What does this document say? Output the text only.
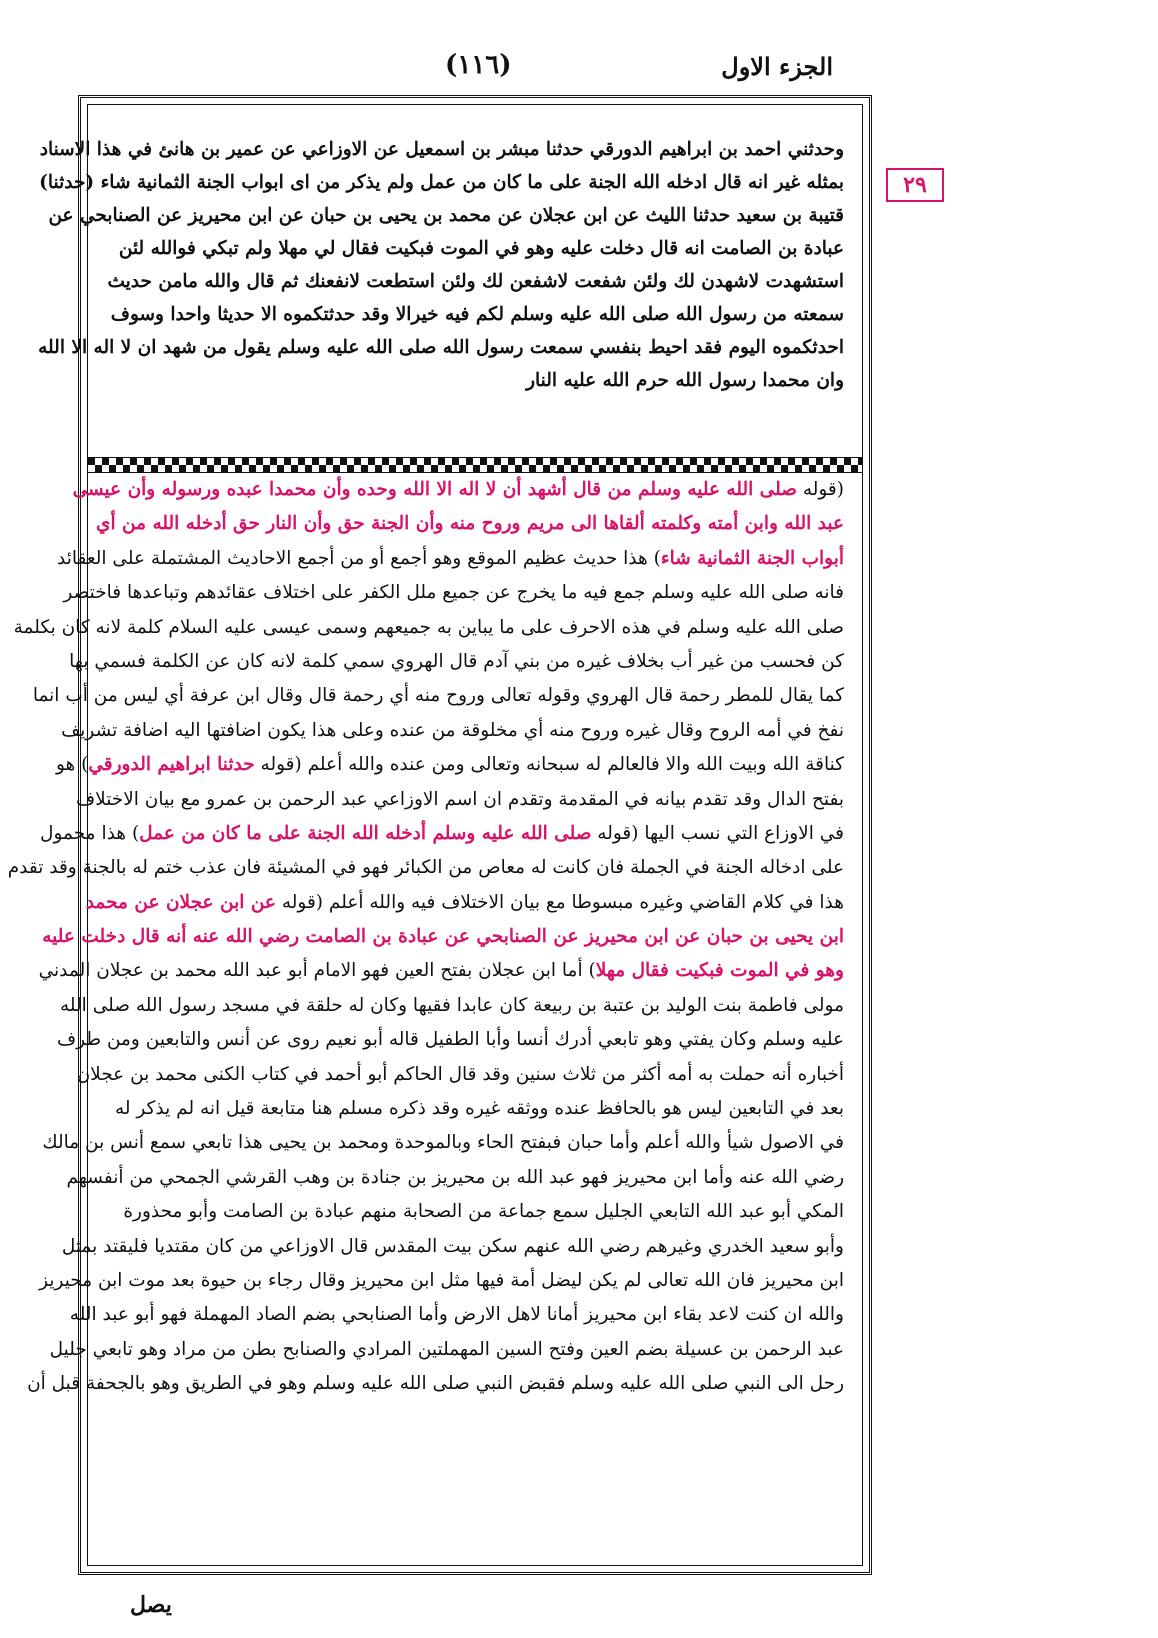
الجزء الاول
(١١٦)
٢٩
وحدثني احمد بن ابراهيم الدورقي حدثنا مبشر بن اسمعيل عن الاوزاعي عن عمير بن هانئ في هذا الاسناد
بمثله غير انه قال ادخله الله الجنة على ما كان من عمل ولم يذكر من اى ابواب الجنة الثمانية شاء (حدثنا)
قتيبة بن سعيد حدثنا الليث عن ابن عجلان عن محمد بن يحيى بن حبان عن ابن محيريز عن الصنابحي عن
عبادة بن الصامت انه قال دخلت عليه وهو في الموت فبكيت فقال لي مهلا ولم تبكي فوالله لئن
استشهدت لاشهدن لك ولئن شفعت لاشفعن لك ولئن استطعت لانفعنك ثم قال والله مامن حديث
سمعته من رسول الله صلى الله عليه وسلم لكم فيه خيرالا وقد حدثتكموه الا حديثا واحدا وسوف
احدثكموه اليوم فقد احيط بنفسي سمعت رسول الله صلى الله عليه وسلم يقول من شهد ان لا اله الا الله
وان محمدا رسول الله حرم الله عليه النار
(قوله صلى الله عليه وسلم من قال أشهد أن لا اله الا الله وحده وأن محمدا عبده ورسوله وأن عيسى
عبد الله وابن أمته وكلمته ألقاها الى مريم وروح منه وأن الجنة حق وأن النار حق أدخله الله من أي
أبواب الجنة الثمانية شاء) هذا حديث عظيم الموقع وهو أجمع أو من أجمع الاحاديث المشتملة على العقائد
فانه صلى الله عليه وسلم جمع فيه ما يخرج عن جميع ملل الكفر على اختلاف عقائدهم وتباعدها فاختصر
صلى الله عليه وسلم في هذه الاحرف على ما يباين به جميعهم وسمى عيسى عليه السلام كلمة لانه كان بكلمة
كن فحسب من غير أب بخلاف غيره من بني آدم قال الهروي سمي كلمة لانه كان عن الكلمة فسمي بها
كما يقال للمطر رحمة قال الهروي وقوله تعالى وروح منه أي رحمة قال وقال ابن عرفة أي ليس من أب انما
نفخ في أمه الروح وقال غيره وروح منه أي مخلوقة من عنده وعلى هذا يكون اضافتها اليه اضافة تشريف
كناقة الله وبيت الله والا فالعالم له سبحانه وتعالى ومن عنده والله أعلم (قوله حدثنا ابراهيم الدورقي) هو
بفتح الدال وقد تقدم بيانه في المقدمة وتقدم ان اسم الاوزاعي عبد الرحمن بن عمرو مع بيان الاختلاف
في الاوزاع التي نسب اليها (قوله صلى الله عليه وسلم أدخله الله الجنة على ما كان من عمل) هذا محمول
على ادخاله الجنة في الجملة فان كانت له معاص من الكبائر فهو في المشيئة فان عذب ختم له بالجنة وقد تقدم
هذا في كلام القاضي وغيره مبسوطا مع بيان الاختلاف فيه والله أعلم (قوله عن ابن عجلان عن محمد
ابن يحيى بن حبان عن ابن محيريز عن الصنابحي عن عبادة بن الصامت رضي الله عنه أنه قال دخلت عليه
وهو في الموت فبكيت فقال مهلا) أما ابن عجلان بفتح العين فهو الامام أبو عبد الله محمد بن عجلان المدني
مولى فاطمة بنت الوليد بن عتبة بن ربيعة كان عابدا فقيها وكان له حلقة في مسجد رسول الله صلى الله
عليه وسلم وكان يفتي وهو تابعي أدرك أنسا وأبا الطفيل قاله أبو نعيم روى عن أنس والتابعين ومن طرف
أخباره أنه حملت به أمه أكثر من ثلاث سنين وقد قال الحاكم أبو أحمد في كتاب الكنى محمد بن عجلان
بعد في التابعين ليس هو بالحافظ عنده ووثقه غيره وقد ذكره مسلم هنا متابعة قيل انه لم يذكر له
في الاصول شيأ والله أعلم وأما حبان فبفتح الحاء وبالموحدة ومحمد بن يحيى هذا تابعي سمع أنس بن مالك
رضي الله عنه وأما ابن محيريز فهو عبد الله بن محيريز بن جنادة بن وهب القرشي الجمحي من أنفسهم
المكي أبو عبد الله التابعي الجليل سمع جماعة من الصحابة منهم عبادة بن الصامت وأبو محذورة
وأبو سعيد الخدري وغيرهم رضي الله عنهم سكن بيت المقدس قال الاوزاعي من كان مقتديا فليقتد بمثل
ابن محيريز فان الله تعالى لم يكن ليضل أمة فيها مثل ابن محيريز وقال رجاء بن حيوة بعد موت ابن محيريز
والله ان كنت لاعد بقاء ابن محيريز أمانا لاهل الارض وأما الصنابحي بضم الصاد المهملة فهو أبو عبد الله
عبد الرحمن بن عسيلة بضم العين وفتح السين المهملتين المرادي والصنابح بطن من مراد وهو تابعي جليل
رحل الى النبي صلى الله عليه وسلم فقبض النبي صلى الله عليه وسلم وهو في الطريق وهو بالجحفة قبل أن
يصل
